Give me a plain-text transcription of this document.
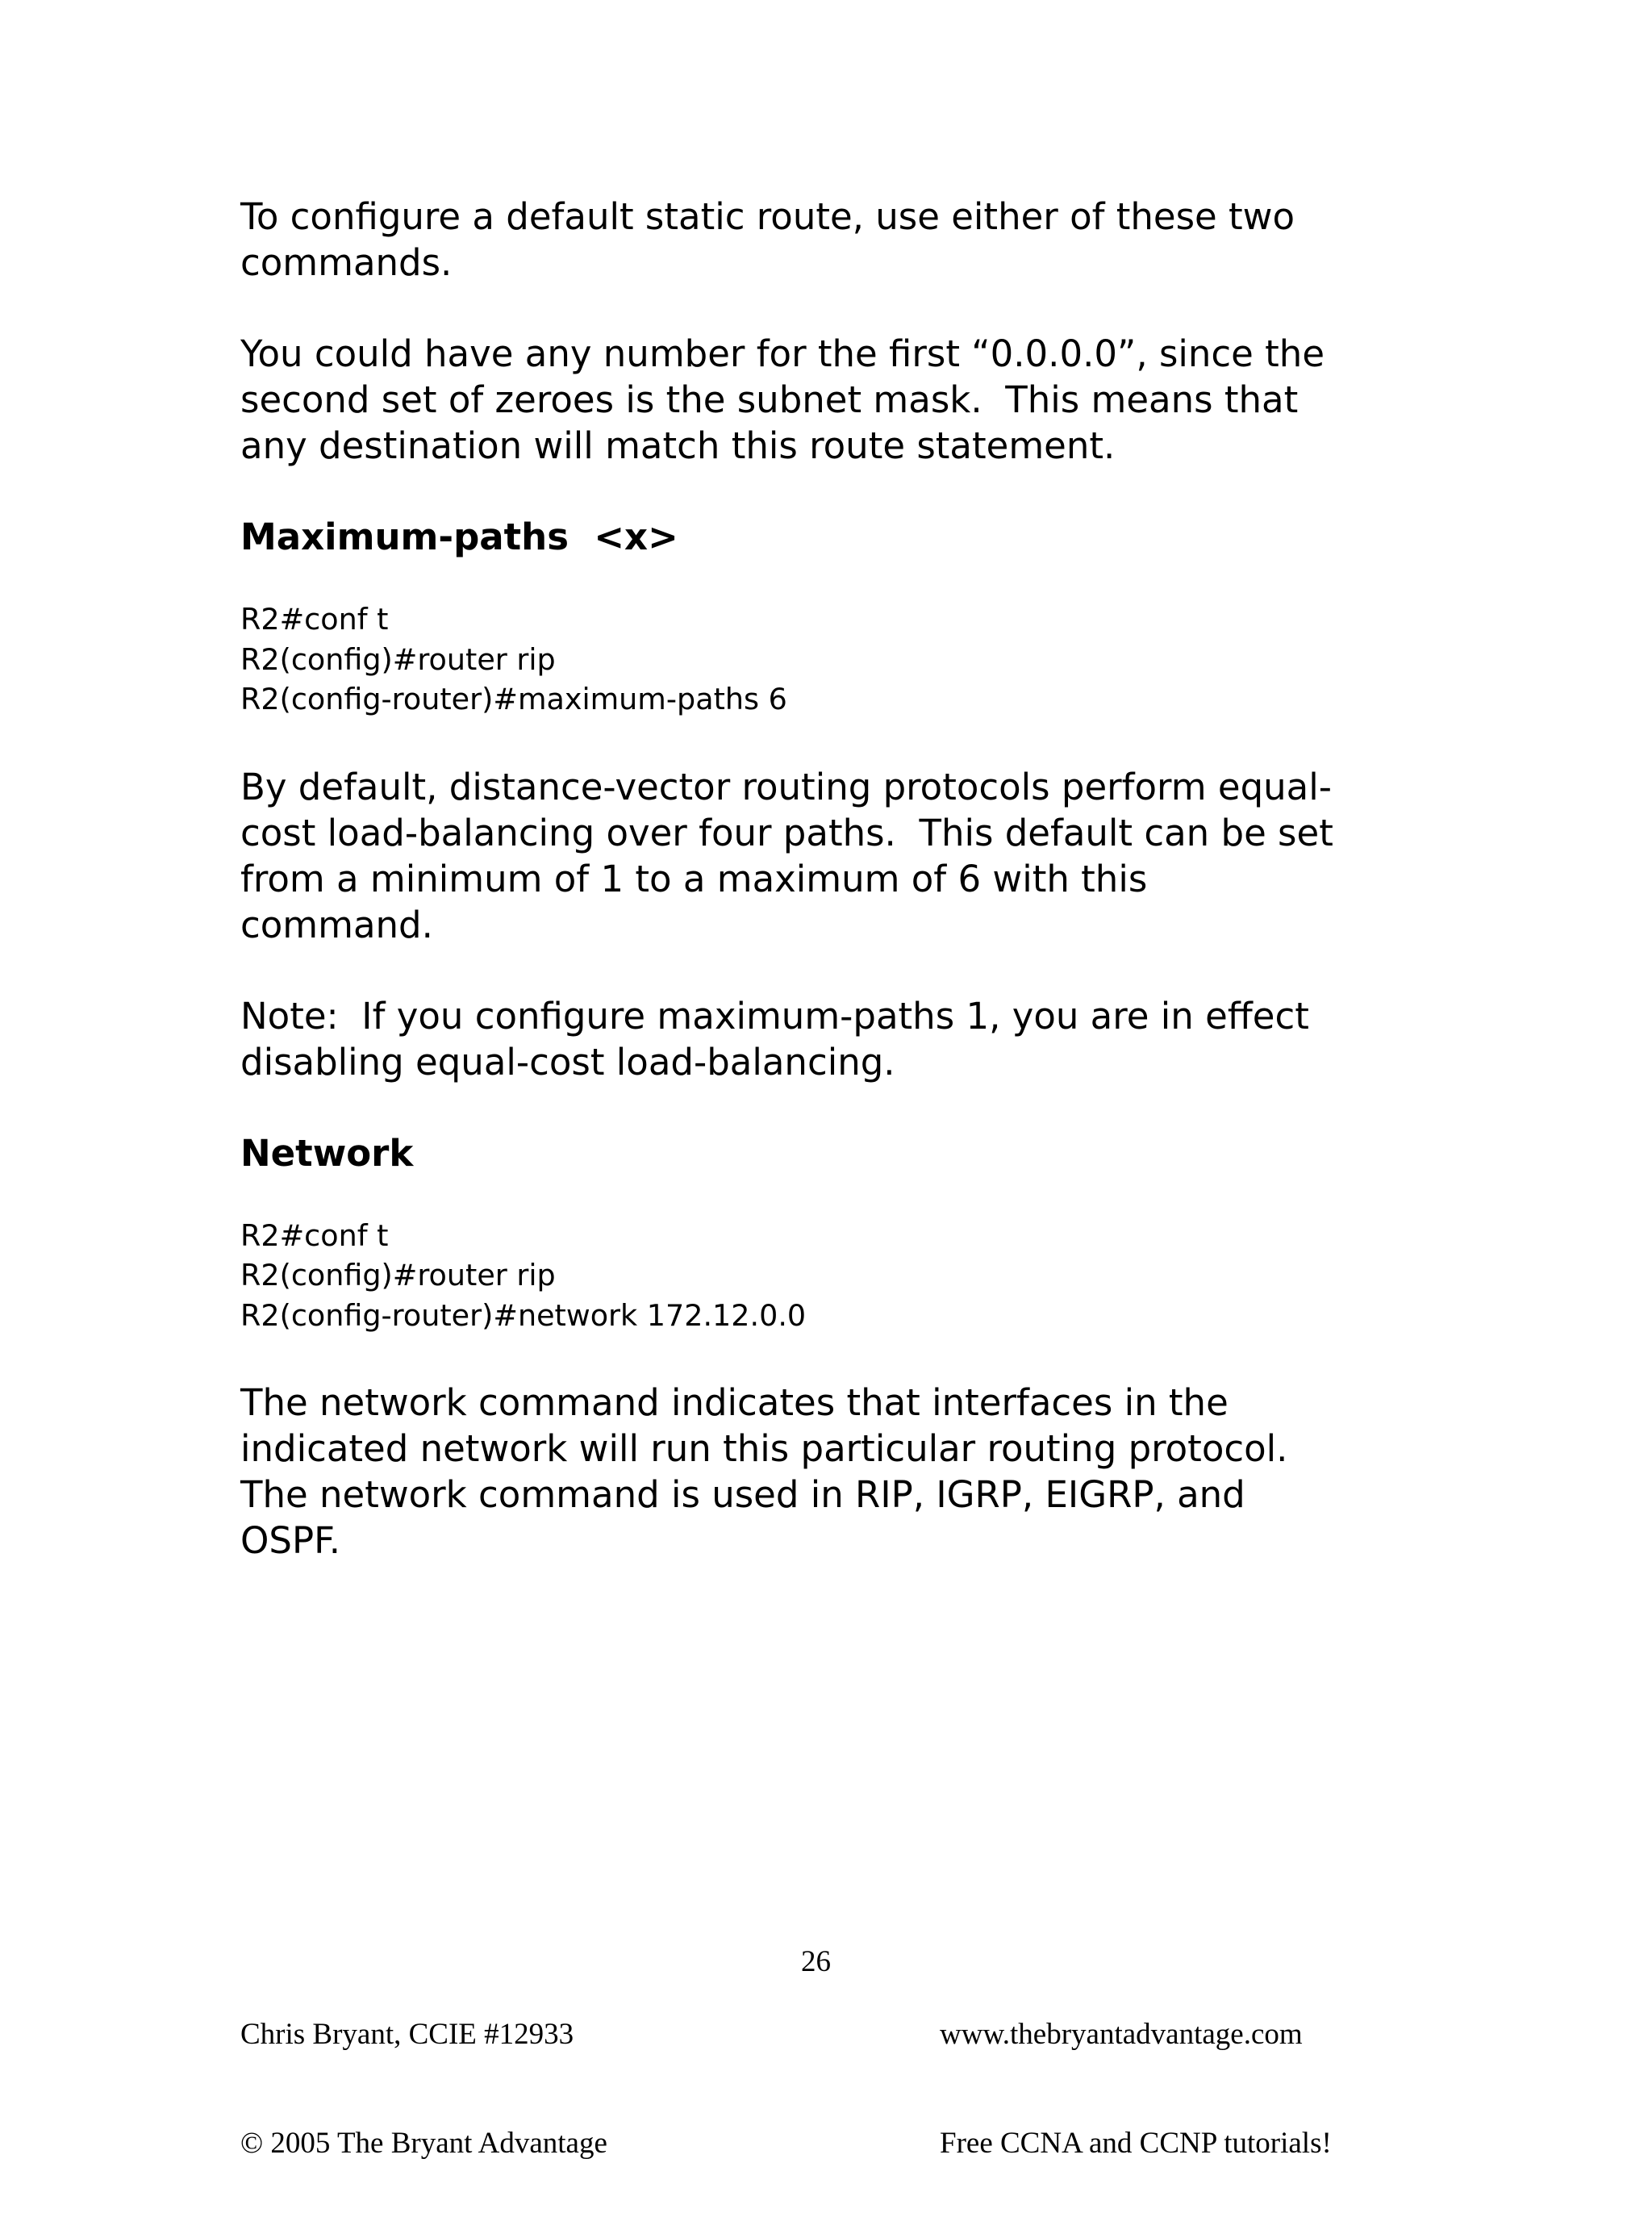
To configure a default static route, use either of these two
commands.
You could have any number for the first “0.0.0.0”, since the
second set of zeroes is the subnet mask.  This means that
any destination will match this route statement.
Maximum-paths  <x>
R2#conf t
R2(config)#router rip
R2(config-router)#maximum-paths 6
By default, distance-vector routing protocols perform equal-
cost load-balancing over four paths.  This default can be set
from a minimum of 1 to a maximum of 6 with this
command.
Note:  If you configure maximum-paths 1, you are in effect
disabling equal-cost load-balancing.
Network
R2#conf t
R2(config)#router rip
R2(config-router)#network 172.12.0.0
The network command indicates that interfaces in the
indicated network will run this particular routing protocol.
The network command is used in RIP, IGRP, EIGRP, and
OSPF.

Chris Bryant, CCIE #12933

© 2005 The Bryant Advantage

26

www.thebryantadvantage.com

Free CCNA and CCNP tutorials!
